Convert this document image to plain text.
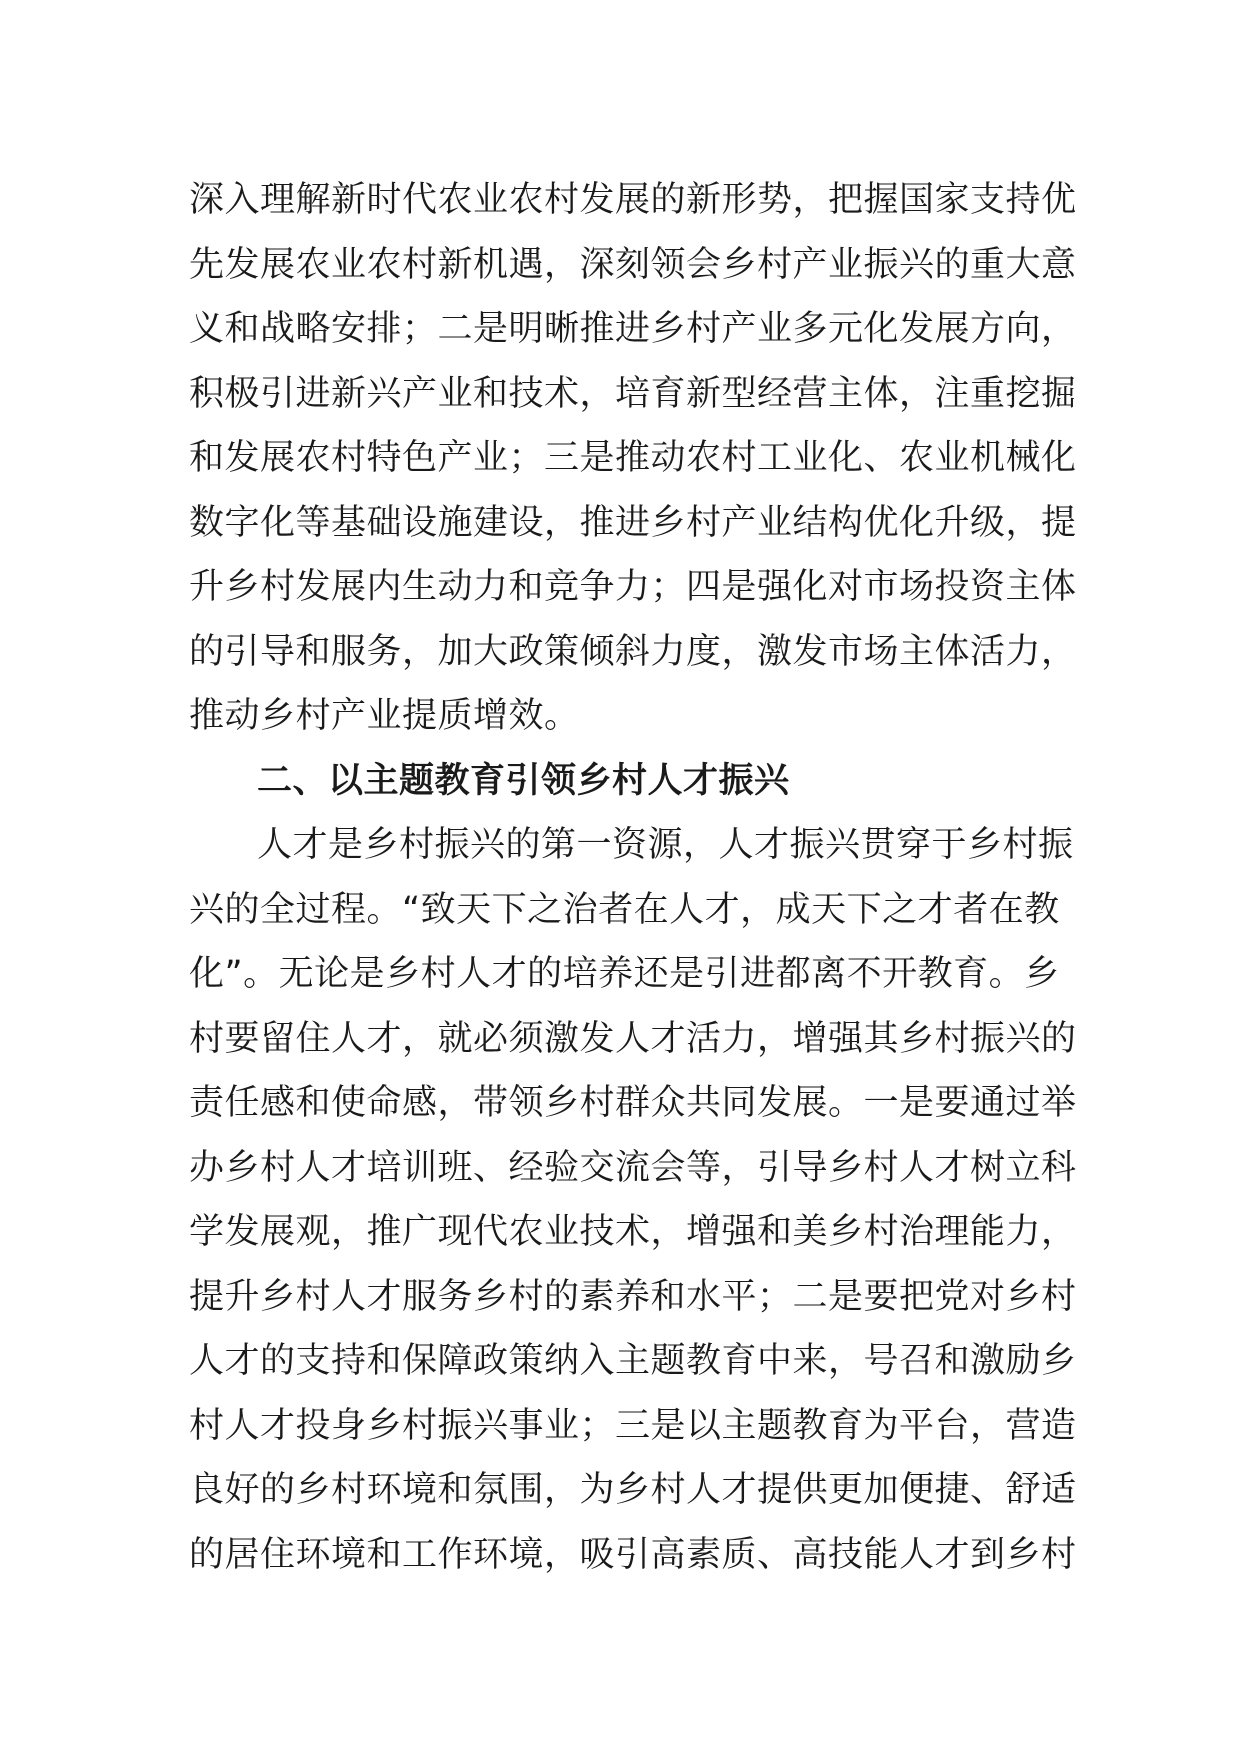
深入理解新时代农业农村发展的新形势，把握国家支持优
先发展农业农村新机遇，深刻领会乡村产业振兴的重大意
义和战略安排；二是明晰推进乡村产业多元化发展方向，
积极引进新兴产业和技术，培育新型经营主体，注重挖掘
和发展农村特色产业；三是推动农村工业化、农业机械化
数字化等基础设施建设，推进乡村产业结构优化升级，提
升乡村发展内生动力和竞争力；四是强化对市场投资主体
的引导和服务，加大政策倾斜力度，激发市场主体活力，
推动乡村产业提质增效。
二、以主题教育引领乡村人才振兴
人才是乡村振兴的第一资源，人才振兴贯穿于乡村振
兴的全过程。“致天下之治者在人才，成天下之才者在教
化”。无论是乡村人才的培养还是引进都离不开教育。乡
村要留住人才，就必须激发人才活力，增强其乡村振兴的
责任感和使命感，带领乡村群众共同发展。一是要通过举
办乡村人才培训班、经验交流会等，引导乡村人才树立科
学发展观，推广现代农业技术，增强和美乡村治理能力，
提升乡村人才服务乡村的素养和水平；二是要把党对乡村
人才的支持和保障政策纳入主题教育中来，号召和激励乡
村人才投身乡村振兴事业；三是以主题教育为平台，营造
良好的乡村环境和氛围，为乡村人才提供更加便捷、舒适
的居住环境和工作环境，吸引高素质、高技能人才到乡村
